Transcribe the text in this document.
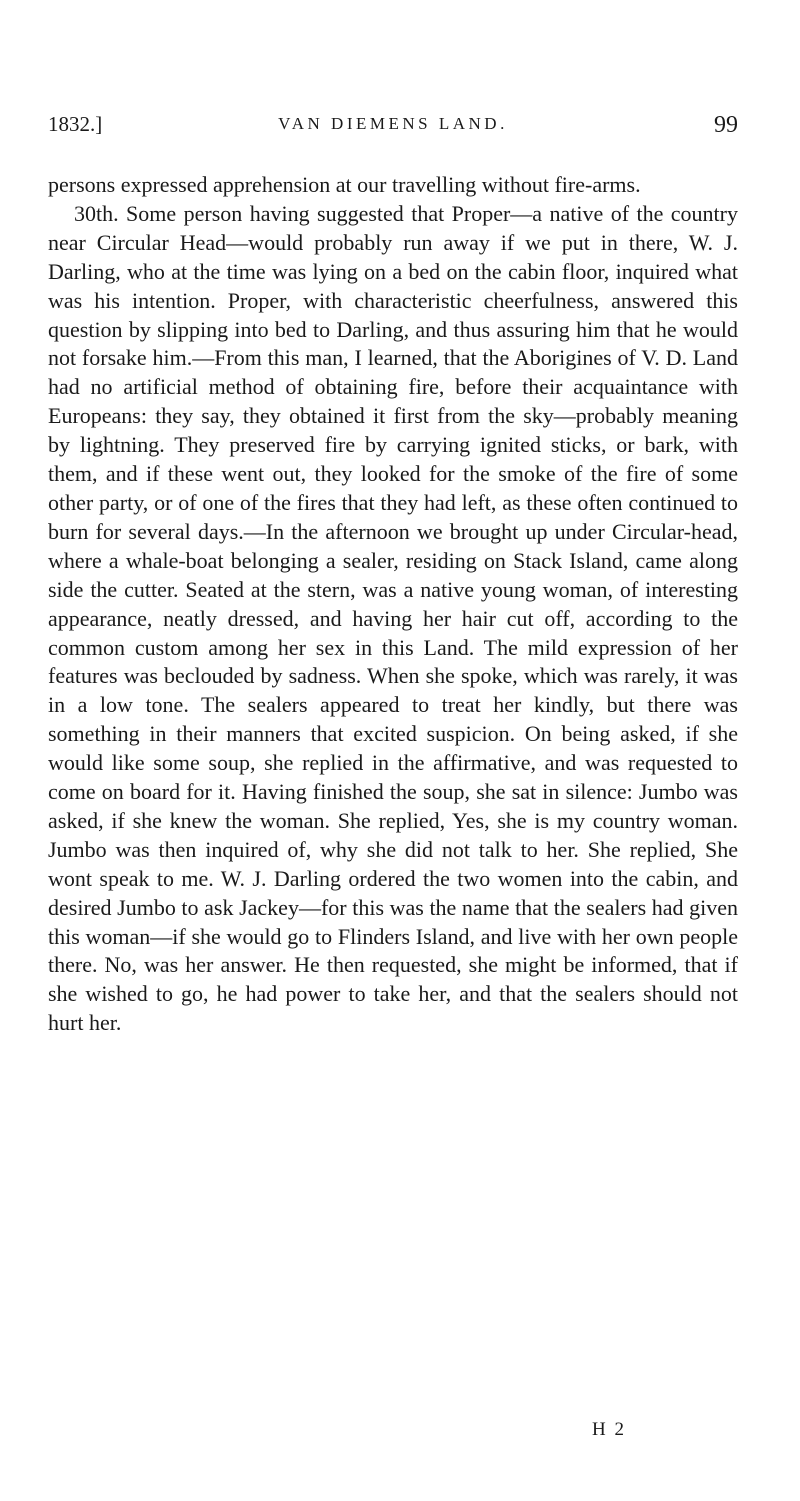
1832.]	VAN DIEMENS LAND.	99

persons expressed apprehension at our travelling without fire-arms.

30th. Some person having suggested that Proper—a native of the country near Circular Head—would probably run away if we put in there, W. J. Darling, who at the time was lying on a bed on the cabin floor, inquired what was his intention. Proper, with characteristic cheerfulness, answered this question by slipping into bed to Darling, and thus assuring him that he would not forsake him.—From this man, I learned, that the Aborigines of V. D. Land had no artificial method of obtaining fire, before their acquaintance with Europeans: they say, they obtained it first from the sky—probably meaning by lightning. They preserved fire by carrying ignited sticks, or bark, with them, and if these went out, they looked for the smoke of the fire of some other party, or of one of the fires that they had left, as these often continued to burn for several days.—In the afternoon we brought up under Circular-head, where a whale-boat belonging a sealer, residing on Stack Island, came along side the cutter. Seated at the stern, was a native young woman, of interesting appearance, neatly dressed, and having her hair cut off, according to the common custom among her sex in this Land. The mild expression of her features was beclouded by sadness. When she spoke, which was rarely, it was in a low tone. The sealers appeared to treat her kindly, but there was something in their manners that excited suspicion. On being asked, if she would like some soup, she replied in the affirmative, and was requested to come on board for it. Having finished the soup, she sat in silence: Jumbo was asked, if she knew the woman. She replied, Yes, she is my country woman. Jumbo was then inquired of, why she did not talk to her. She replied, She wont speak to me. W. J. Darling ordered the two women into the cabin, and desired Jumbo to ask Jackey—for this was the name that the sealers had given this woman—if she would go to Flinders Island, and live with her own people there. No, was her answer. He then requested, she might be informed, that if she wished to go, he had power to take her, and that the sealers should not hurt her.

H 2
